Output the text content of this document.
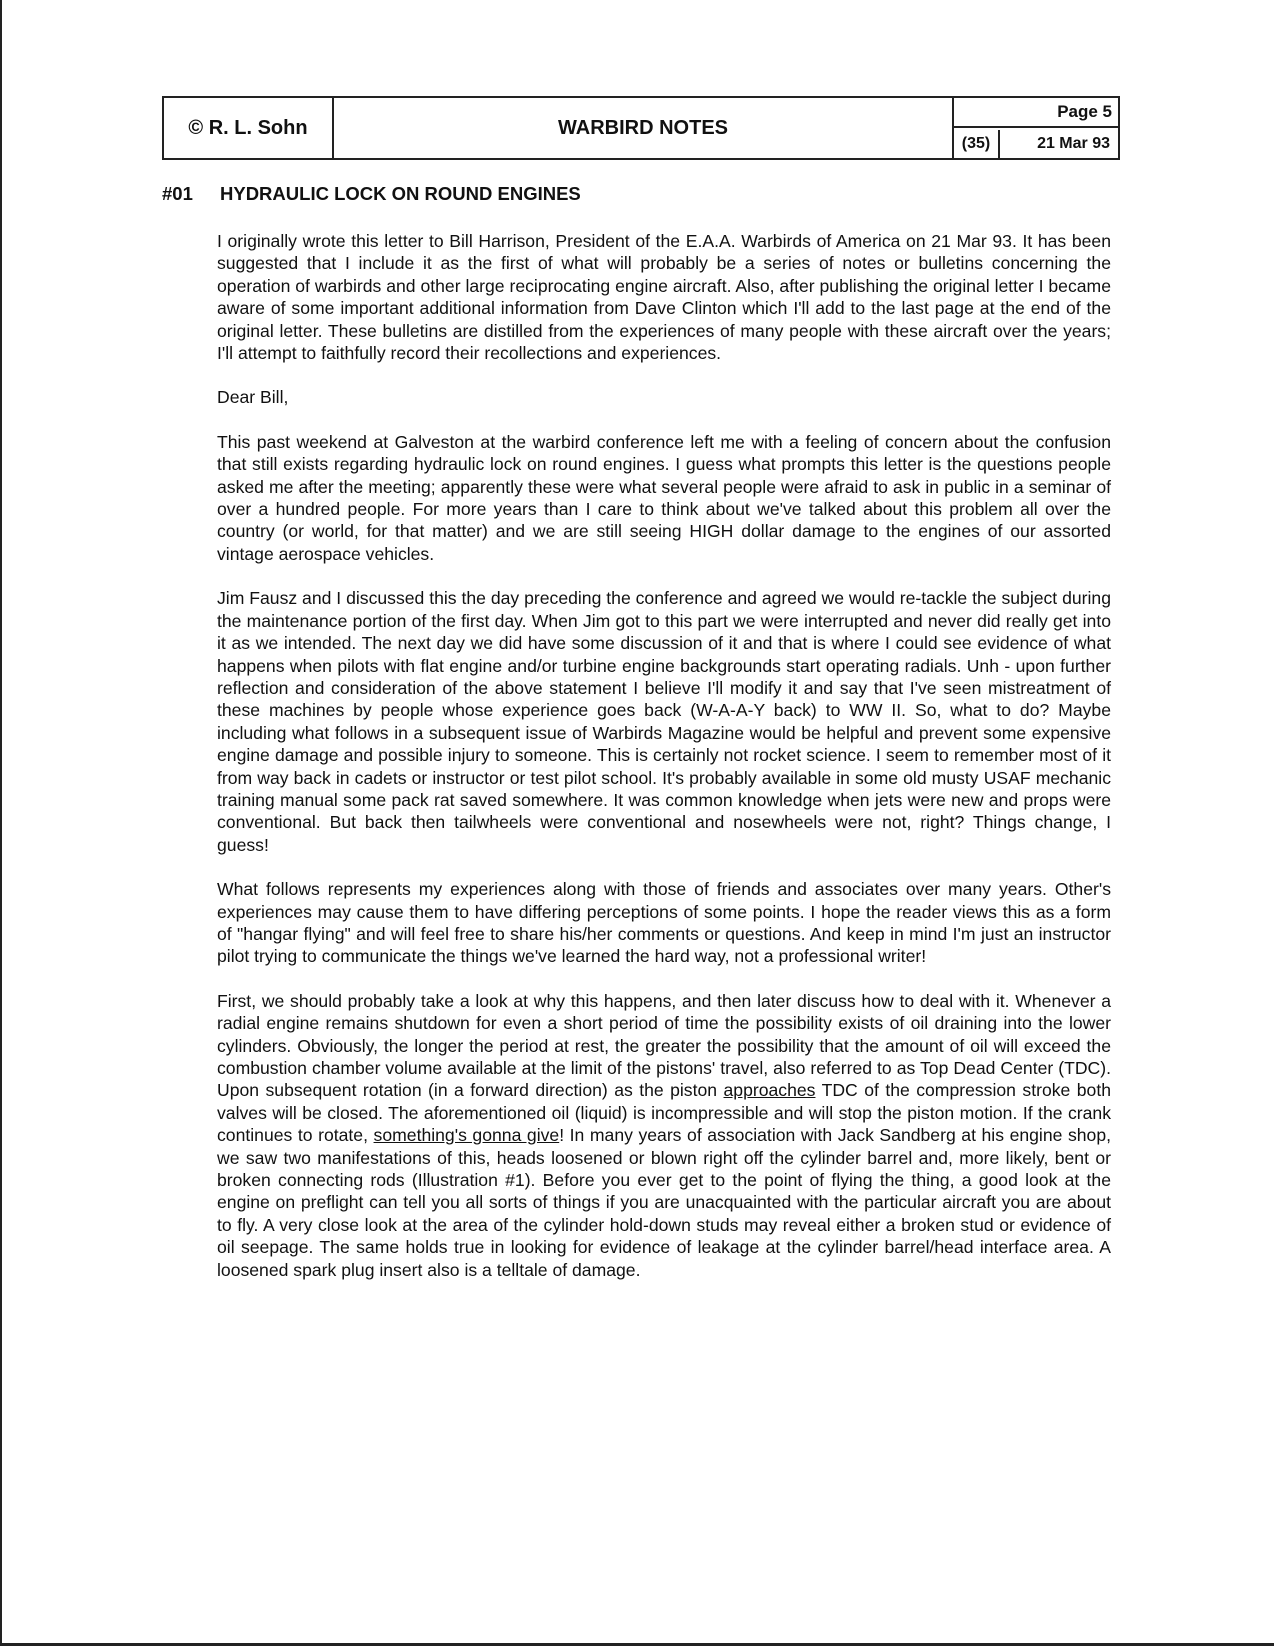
© R. L. Sohn	WARBIRD NOTES
Page 5
(35)	21 Mar 93
#01 HYDRAULIC LOCK ON ROUND ENGINES

I originally wrote this letter to Bill Harrison, President of the E.A.A. Warbirds of America on 21 Mar 93. It has been suggested that I include it as the first of what will probably be a series of notes or bulletins concerning the operation of warbirds and other large reciprocating engine aircraft. Also, after publishing the original letter I became aware of some important additional information from Dave Clinton which I'll add to the last page at the end of the original letter. These bulletins are distilled from the experiences of many people with these aircraft over the years; I'll attempt to faithfully record their recollections and experiences.

Dear Bill,

This past weekend at Galveston at the warbird conference left me with a feeling of concern about the confusion that still exists regarding hydraulic lock on round engines. I guess what prompts this letter is the questions people asked me after the meeting; apparently these were what several people were afraid to ask in public in a seminar of over a hundred people. For more years than I care to think about we've talked about this problem all over the country (or world, for that matter) and we are still seeing HIGH dollar damage to the engines of our assorted vintage aerospace vehicles.

Jim Fausz and I discussed this the day preceding the conference and agreed we would re-tackle the subject during the maintenance portion of the first day. When Jim got to this part we were interrupted and never did really get into it as we intended. The next day we did have some discussion of it and that is where I could see evidence of what happens when pilots with flat engine and/or turbine engine backgrounds start operating radials. Unh - upon further reflection and consideration of the above statement I believe I'll modify it and say that I've seen mistreatment of these machines by people whose experience goes back (W-A-A-Y back) to WW II. So, what to do? Maybe including what follows in a subsequent issue of Warbirds Magazine would be helpful and prevent some expensive engine damage and possible injury to someone. This is certainly not rocket science. I seem to remember most of it from way back in cadets or instructor or test pilot school. It's probably available in some old musty USAF mechanic training manual some pack rat saved somewhere. It was common knowledge when jets were new and props were conventional. But back then tailwheels were conventional and nosewheels were not, right? Things change, I guess!

What follows represents my experiences along with those of friends and associates over many years. Other's experiences may cause them to have differing perceptions of some points. I hope the reader views this as a form of "hangar flying" and will feel free to share his/her comments or questions. And keep in mind I'm just an instructor pilot trying to communicate the things we've learned the hard way, not a professional writer!

First, we should probably take a look at why this happens, and then later discuss how to deal with it. Whenever a radial engine remains shutdown for even a short period of time the possibility exists of oil draining into the lower cylinders. Obviously, the longer the period at rest, the greater the possibility that the amount of oil will exceed the combustion chamber volume available at the limit of the pistons' travel, also referred to as Top Dead Center (TDC). Upon subsequent rotation (in a forward direction) as the piston approaches TDC of the compression stroke both valves will be closed. The aforementioned oil (liquid) is incompressible and will stop the piston motion. If the crank continues to rotate, something's gonna give! In many years of association with Jack Sandberg at his engine shop, we saw two manifestations of this, heads loosened or blown right off the cylinder barrel and, more likely, bent or broken connecting rods (Illustration #1). Before you ever get to the point of flying the thing, a good look at the engine on preflight can tell you all sorts of things if you are unacquainted with the particular aircraft you are about to fly. A very close look at the area of the cylinder hold-down studs may reveal either a broken stud or evidence of oil seepage. The same holds true in looking for evidence of leakage at the cylinder barrel/head interface area. A loosened spark plug insert also is a telltale of damage.
